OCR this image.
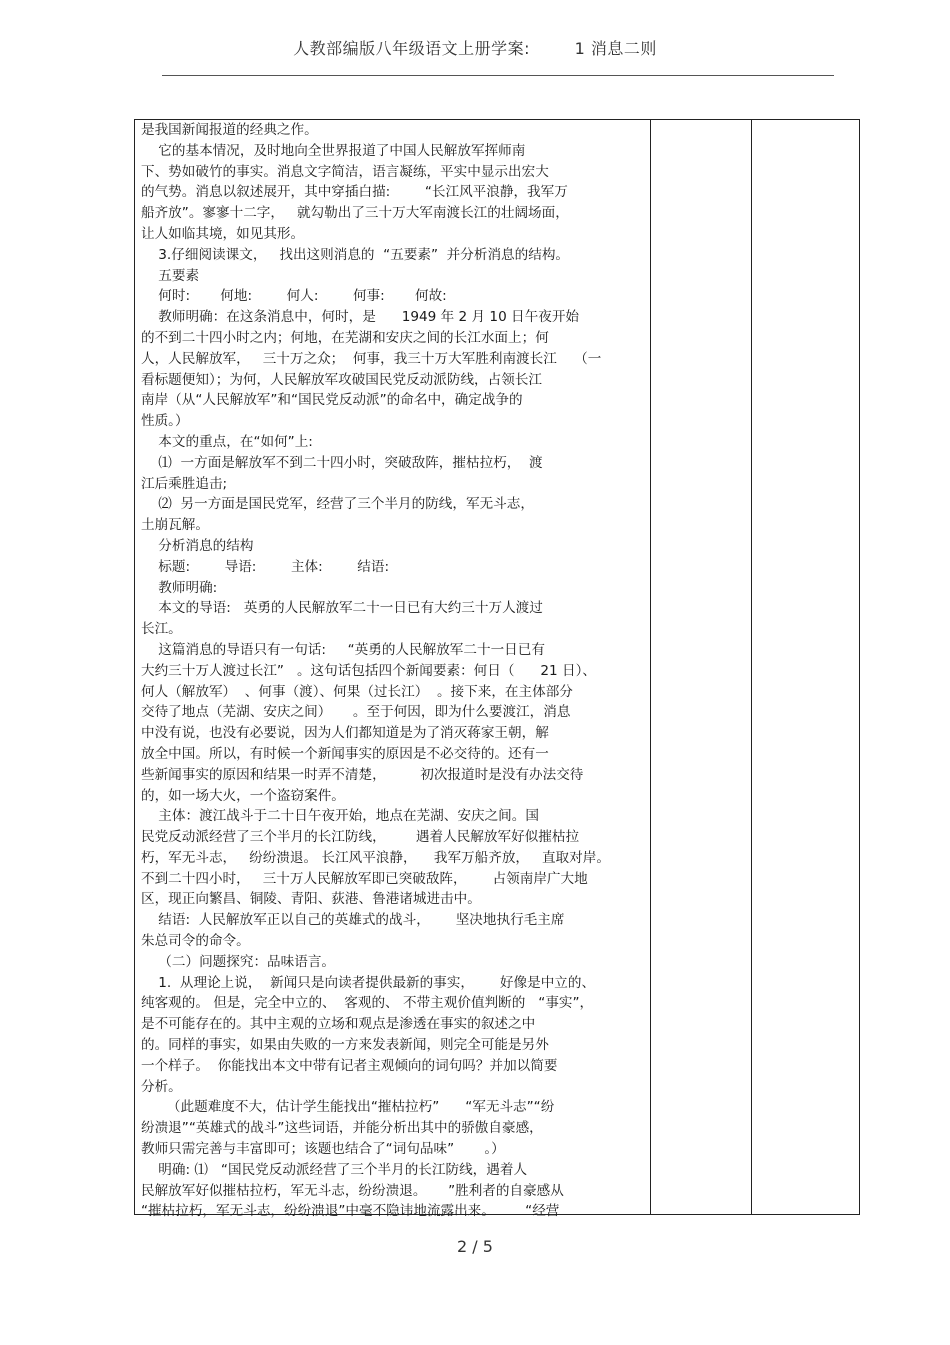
人教部编版八年级语文上册学案:	1 消息二则
是我国新闻报道的经典之作。
它的基本情况，及时地向全世界报道了中国人民解放军挥师南
下、势如破竹的事实。消息文字简洁，语言凝练，平实中显示出宏大
的气势。消息以叙述展开，其中穿插白描:        “长江风平浪静，我军万
船齐放”。寥寥十二字，   就勾勒出了三十万大军南渡长江的壮阔场面，
让人如临其境，如见其形。
3.仔细阅读课文，   找出这则消息的  “五要素”  并分析消息的结构。
五要素
何时:       何地:        何人:        何事:       何故:
教师明确：在这条消息中，何时，是      1949 年 2 月 10 日午夜开始
的不到二十四小时之内；何地，在芜湖和安庆之间的长江水面上；何
人，人民解放军，   三十万之众；  何事，我三十万大军胜利南渡长江    （一
看标题便知）；为何，人民解放军攻破国民党反动派防线，占领长江
南岸（从“人民解放军”和“国民党反动派”的命名中，确定战争的
性质。）
本文的重点，在“如何”上:
⑴  一方面是解放军不到二十四小时，突破敌阵，摧枯拉朽，  渡
江后乘胜追击;
⑵  另一方面是国民党军，经营了三个半月的防线，军无斗志，
土崩瓦解。
分析消息的结构
标题:        导语:        主体:        结语:
教师明确:
本文的导语:   英勇的人民解放军二十一日已有大约三十万人渡过
长江。
这篇消息的导语只有一句话:     “英勇的人民解放军二十一日已有
大约三十万人渡过长江”   。这句话包括四个新闻要素：何日（      21 日）、
何人（解放军）  、何事（渡）、何果（过长江）  。接下来，在主体部分
交待了地点（芜湖、安庆之间）     。至于何因，即为什么要渡江，消息
中没有说，也没有必要说，因为人们都知道是为了消灭蒋家王朝，解
放全中国。所以，有时候一个新闻事实的原因是不必交待的。还有一
些新闻事实的原因和结果一时弄不清楚，        初次报道时是没有办法交待
的，如一场大火，一个盗窃案件。
主体：渡江战斗于二十日午夜开始，地点在芜湖、安庆之间。国
民党反动派经营了三个半月的长江防线，       遇着人民解放军好似摧枯拉
朽，军无斗志，   纷纷溃退。 长江风平浪静，    我军万船齐放，   直取对岸。
不到二十四小时，   三十万人民解放军即已突破敌阵，      占领南岸广大地
区，现正向繁昌、铜陵、青阳、荻港、鲁港诸城进击中。
结语:  人民解放军正以自己的英雄式的战斗，      坚决地执行毛主席
朱总司令的命令。
（二）问题探究：品味语言。
1.  从理论上说，  新闻只是向读者提供最新的事实，      好像是中立的、
纯客观的。 但是，完全中立的、  客观的、 不带主观价值判断的   “事实”，
是不可能存在的。其中主观的立场和观点是渗透在事实的叙述之中
的。同样的事实，如果由失败的一方来发表新闻，则完全可能是另外
一个样子。  你能找出本文中带有记者主观倾向的词句吗？并加以简要
分析。
（此题难度不大，估计学生能找出“摧枯拉朽”      “军无斗志”“纷
纷溃退”“英雄式的战斗”这些词语，并能分析出其中的骄傲自豪感，
教师只需完善与丰富即可；该题也结合了“词句品味”       。）
明确: ⑴   “国民党反动派经营了三个半月的长江防线，遇着人
民解放军好似摧枯拉朽，军无斗志，纷纷溃退。     ”胜利者的自豪感从
“摧枯拉朽，军无斗志，纷纷溃退”中毫不隐讳地流露出来。       “经营
2 / 5
